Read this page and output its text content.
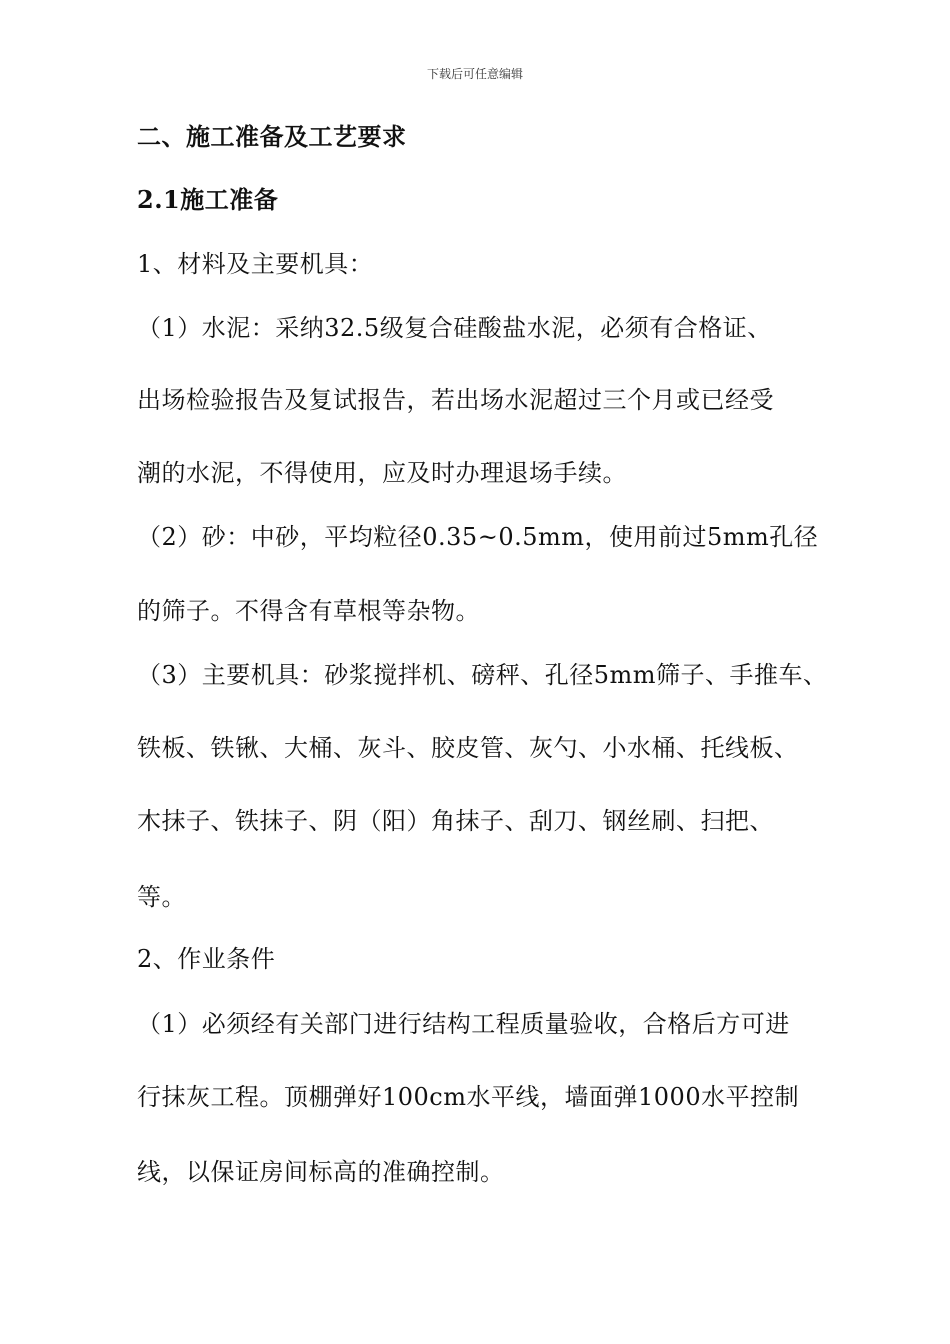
下载后可任意编辑
二、施工准备及工艺要求
2.1施工准备
1、材料及主要机具：
（1）水泥：采纳32.5级复合硅酸盐水泥，必须有合格证、
出场检验报告及复试报告，若出场水泥超过三个月或已经受
潮的水泥，不得使用，应及时办理退场手续。
（2）砂：中砂，平均粒径0.35~0.5mm，使用前过5mm孔径
的筛子。不得含有草根等杂物。
（3）主要机具：砂浆搅拌机、磅秤、孔径5mm筛子、手推车、
铁板、铁锹、大桶、灰斗、胶皮管、灰勺、小水桶、托线板、
木抹子、铁抹子、阴（阳）角抹子、刮刀、钢丝刷、扫把、
等。
2、作业条件
（1）必须经有关部门进行结构工程质量验收，合格后方可进
行抹灰工程。顶棚弹好100cm水平线，墙面弹1000水平控制
线，以保证房间标高的准确控制。
